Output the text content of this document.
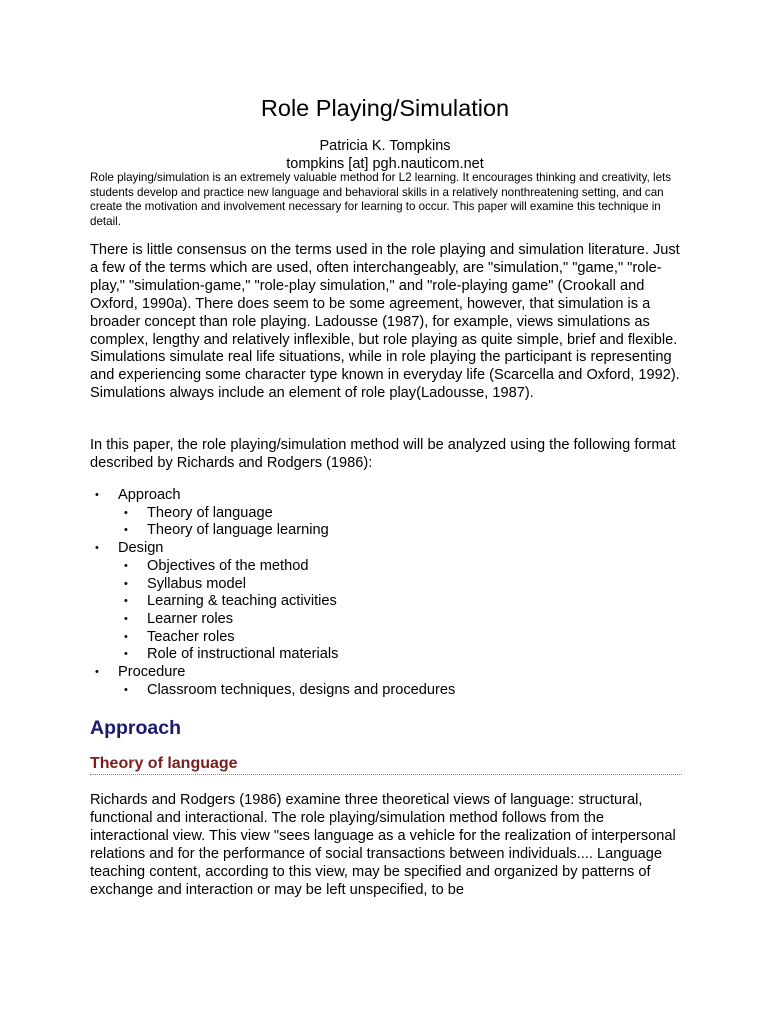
Role Playing/Simulation
Patricia K. Tompkins
tompkins [at] pgh.nauticom.net

Role playing/simulation is an extremely valuable method for L2 learning. It encourages thinking and creativity, lets students develop and practice new language and behavioral skills in a relatively nonthreatening setting, and can create the motivation and involvement necessary for learning to occur. This paper will examine this technique in detail.

There is little consensus on the terms used in the role playing and simulation literature. Just a few of the terms which are used, often interchangeably, are "simulation," "game," "role-play," "simulation-game," "role-play simulation," and "role-playing game" (Crookall and Oxford, 1990a). There does seem to be some agreement, however, that simulation is a broader concept than role playing. Ladousse (1987), for example, views simulations as complex, lengthy and relatively inflexible, but role playing as quite simple, brief and flexible. Simulations simulate real life situations, while in role playing the participant is representing and experiencing some character type known in everyday life (Scarcella and Oxford, 1992). Simulations always include an element of role play(Ladousse, 1987).

In this paper, the role playing/simulation method will be analyzed using the following format described by Richards and Rodgers (1986):

• Approach
• Theory of language
• Theory of language learning
• Design
• Objectives of the method
• Syllabus model
• Learning & teaching activities
• Learner roles
• Teacher roles
• Role of instructional materials
• Procedure
• Classroom techniques, designs and procedures
Approach
Theory of language

Richards and Rodgers (1986) examine three theoretical views of language: structural, functional and interactional. The role playing/simulation method follows from the interactional view. This view "sees language as a vehicle for the realization of interpersonal relations and for the performance of social transactions between individuals.... Language teaching content, according to this view, may be specified and organized by patterns of exchange and interaction or may be left unspecified, to be
